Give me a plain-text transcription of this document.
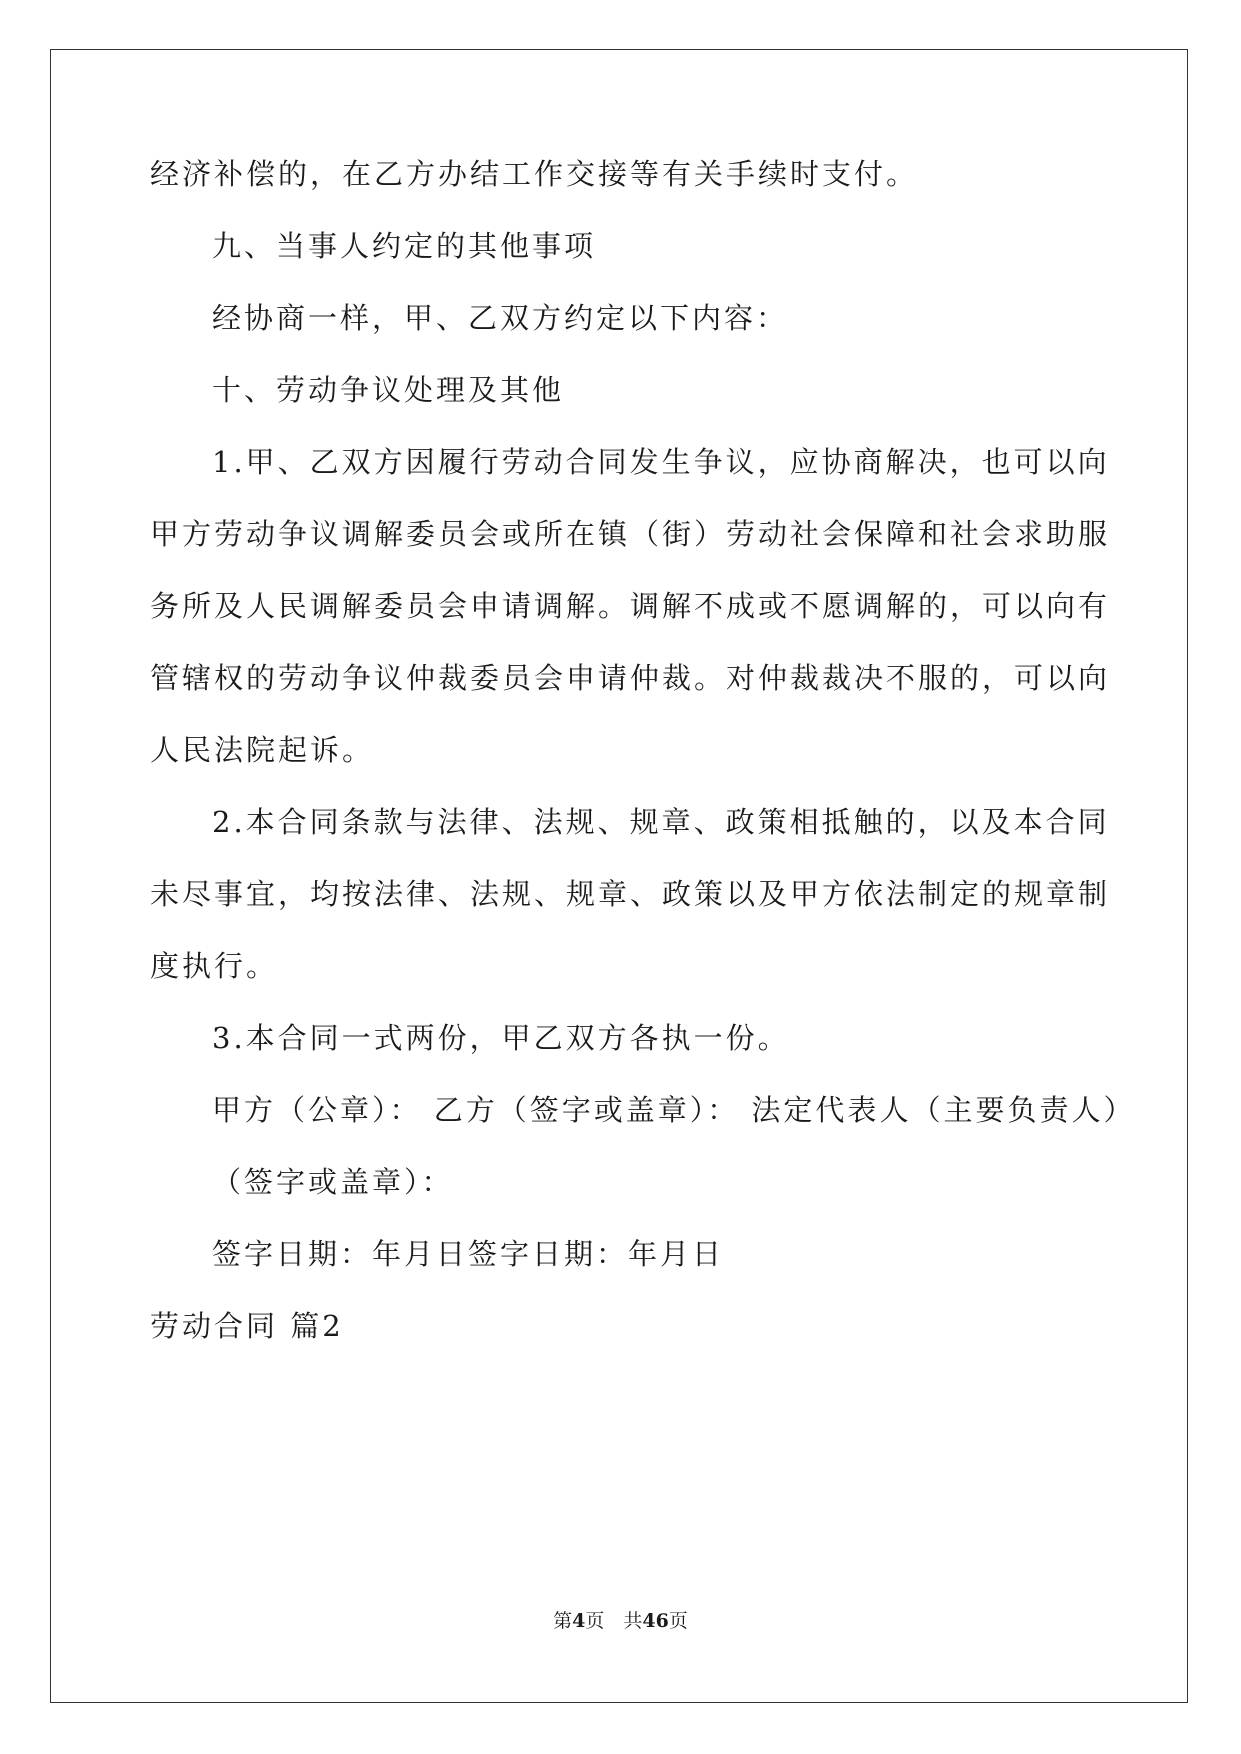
经济补偿的，在乙方办结工作交接等有关手续时支付。
九、当事人约定的其他事项
经协商一样，甲、乙双方约定以下内容：
十、劳动争议处理及其他
1.甲、乙双方因履行劳动合同发生争议，应协商解决，也可以向
甲方劳动争议调解委员会或所在镇（街）劳动社会保障和社会求助服
务所及人民调解委员会申请调解。调解不成或不愿调解的，可以向有
管辖权的劳动争议仲裁委员会申请仲裁。对仲裁裁决不服的，可以向
人民法院起诉。
2.本合同条款与法律、法规、规章、政策相抵触的，以及本合同
未尽事宜，均按法律、法规、规章、政策以及甲方依法制定的规章制
度执行。
3.本合同一式两份，甲乙双方各执一份。
甲方（公章）： 乙方（签字或盖章）： 法定代表人（主要负责人）
（签字或盖章）：
签字日期：年月日签字日期：年月日
劳动合同 篇2
第4页　共46页
